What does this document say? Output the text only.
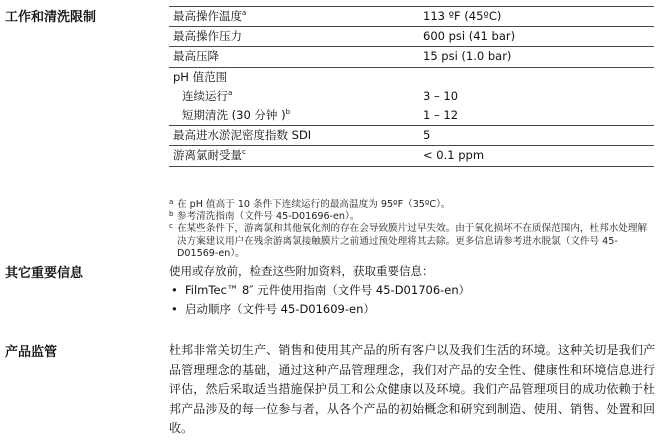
工作和清洗限制	最高操作温度$^a$	113 ºF (45ºC)
最高操作压力	600 psi (41 bar)
最高压降	15 psi (1.0 bar)
pH 值范围
连续运行$^a$	3 – 10
短期清洗 (30 分钟 )$^b$	1 – 12
最高进水淤泥密度指数 SDI	5
游离氯耐受量$^c$	< 0.1 ppm

a 在 pH 值高于 10 条件下连续运行的最高温度为 95ºF（35ºC）。

b 参考清洗指南（文件号 45-D01696-en）。

c 在某些条件下，游离氯和其他氧化剂的存在会导致膜片过早失效。由于氧化损坏不在质保范围内，杜邦水处理解决方案建议用户在残余游离氯接触膜片之前通过预处理将其去除。更多信息请参考进水脱氯（文件号 45-D01569-en）。

其它重要信息	使用或存放前，检查这些附加资料，获取重要信息：

• FilmTec™ 8″ 元件使用指南（文件号 45-D01706-en）
• 启动顺序（文件号 45-D01609-en）
产品监管	杜邦非常关切生产、销售和使用其产品的所有客户以及我们生活的环境。这种关切是我们产品管理理念的基础，通过这种产品管理理念，我们对产品的安全性、健康性和环境信息进行评估，然后采取适当措施保护员工和公众健康以及环境。我们产品管理项目的成功依赖于杜邦产品涉及的每一位参与者，从各个产品的初始概念和研究到制造、使用、销售、处置和回收。
